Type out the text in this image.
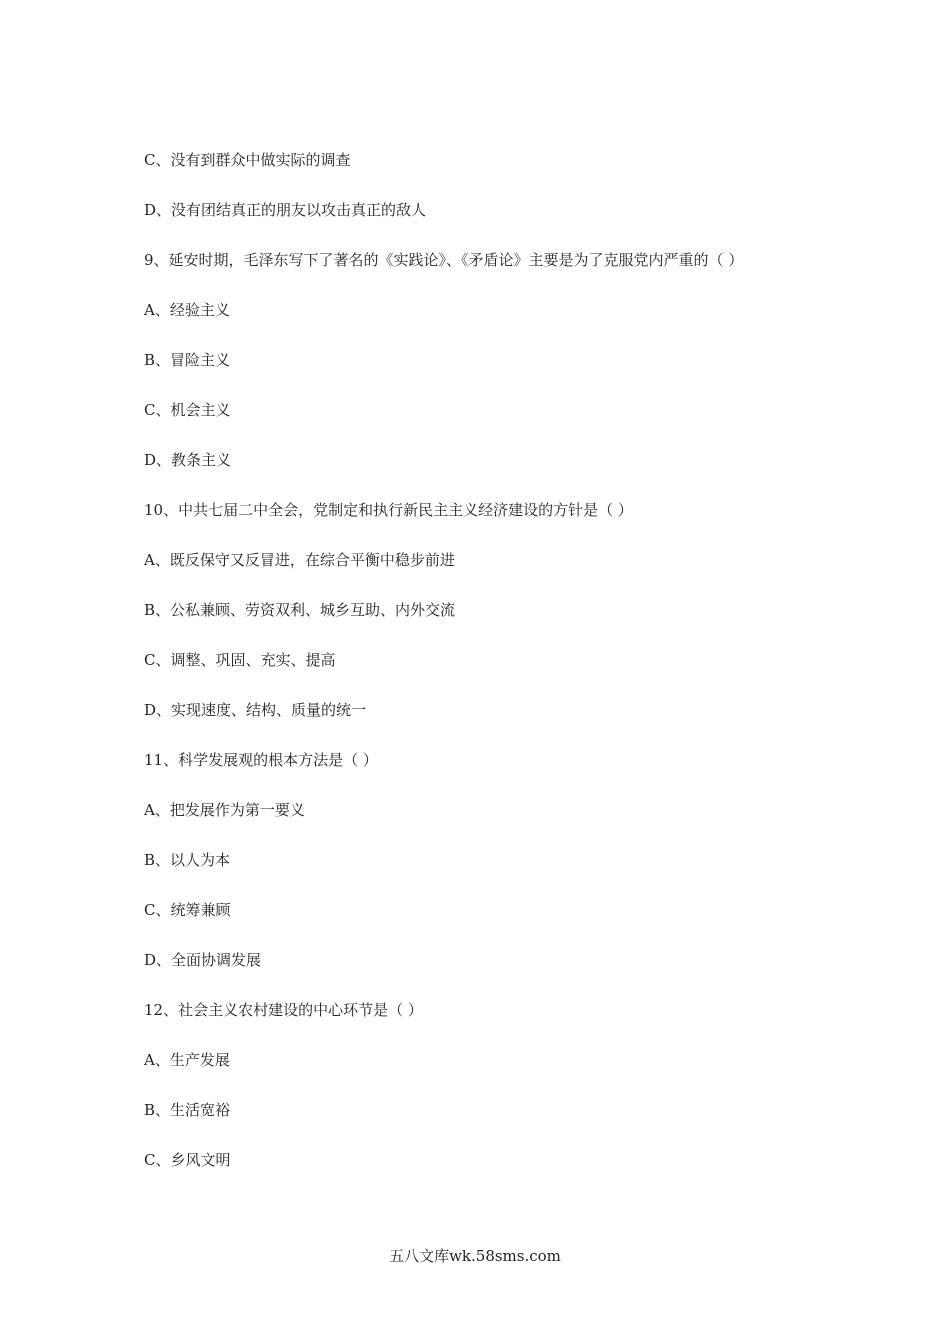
C、没有到群众中做实际的调查
D、没有团结真正的朋友以攻击真正的敌人
9、延安时期，毛泽东写下了著名的《实践论》、《矛盾论》主要是为了克服党内严重的（ ）
A、经验主义
B、冒险主义
C、机会主义
D、教条主义
10、中共七届二中全会，党制定和执行新民主主义经济建设的方针是（ ）
A、既反保守又反冒进，在综合平衡中稳步前进
B、公私兼顾、劳资双利、城乡互助、内外交流
C、调整、巩固、充实、提高
D、实现速度、结构、质量的统一
11、科学发展观的根本方法是（ ）
A、把发展作为第一要义
B、以人为本
C、统筹兼顾
D、全面协调发展
12、社会主义农村建设的中心环节是（ ）
A、生产发展
B、生活宽裕
C、乡风文明
五八文库wk.58sms.com
